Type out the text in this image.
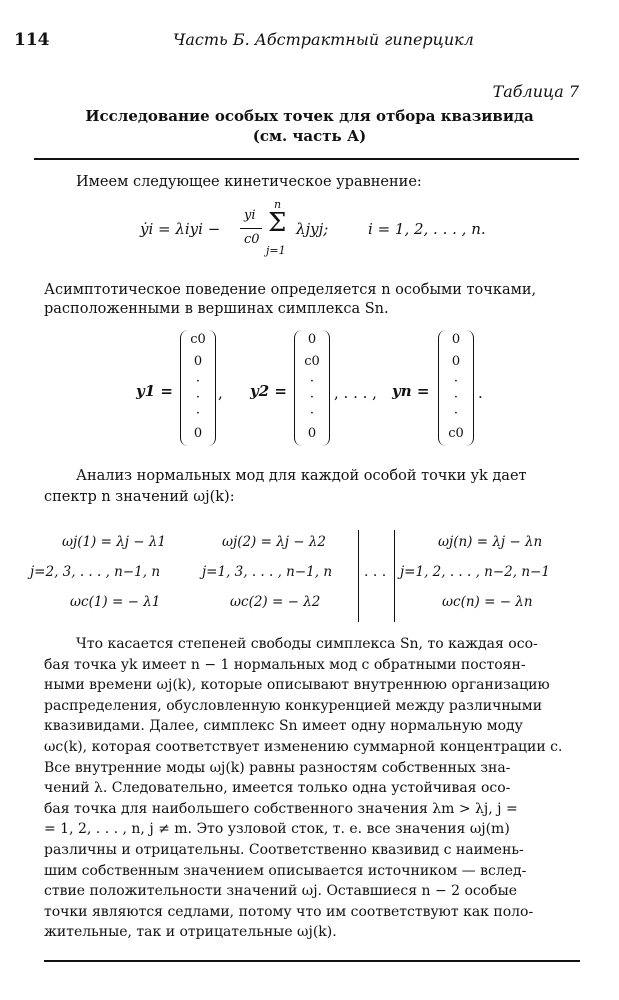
114	Часть Б. Абстрактный гиперцикл
Таблица 7
Исследование особых точек для отбора квазивида
(см. часть А)
Имеем следующее кинетическое уравнение:
ẏi = λiyi −
yi
c0
n
Σ
j=1
λjyj;	i = 1, 2, . . . , n.
Асимптотическое поведение определяется n особыми точками,
расположенными в вершинах симплекса Sn.
y1 =
c0
0
·
·
·
0
, y2 =
0
c0
·
·
·
0
, . . . , yn =
0
0
·
·
·
c0
.
Анализ нормальных мод для каждой особой точки yk дает
спектр n значений ωj(k):
ωj(1) = λj − λ1
j=2, 3, . . . , n−1, n
ωc(1) = − λ1
ωj(2) = λj − λ2
j=1, 3, . . . , n−1, n
ωc(2) = − λ2
. . .
ωj(n) = λj − λn
j=1, 2, . . . , n−2, n−1
ωc(n) = − λn
Что касается степеней свободы симплекса Sn, то каждая осо-
бая точка yk имеет n − 1 нормальных мод с обратными постоян-
ными времени ωj(k), которые описывают внутреннюю организацию
распределения, обусловленную конкуренцией между различными
квазивидами. Далее, симплекс Sn имеет одну нормальную моду
ωc(k), которая соответствует изменению суммарной концентрации c.
Все внутренние моды ωj(k) равны разностям собственных зна-
чений λ. Следовательно, имеется только одна устойчивая осо-
бая точка для наибольшего собственного значения λm > λj, j =
= 1, 2, . . . , n, j ≠ m. Это узловой сток, т. е. все значения ωj(m)
различны и отрицательны. Соответственно квазивид с наимень-
шим собственным значением описывается источником — вслед-
ствие положительности значений ωj. Оставшиеся n − 2 особые
точки являются седлами, потому что им соответствуют как поло-
жительные, так и отрицательные ωj(k).
